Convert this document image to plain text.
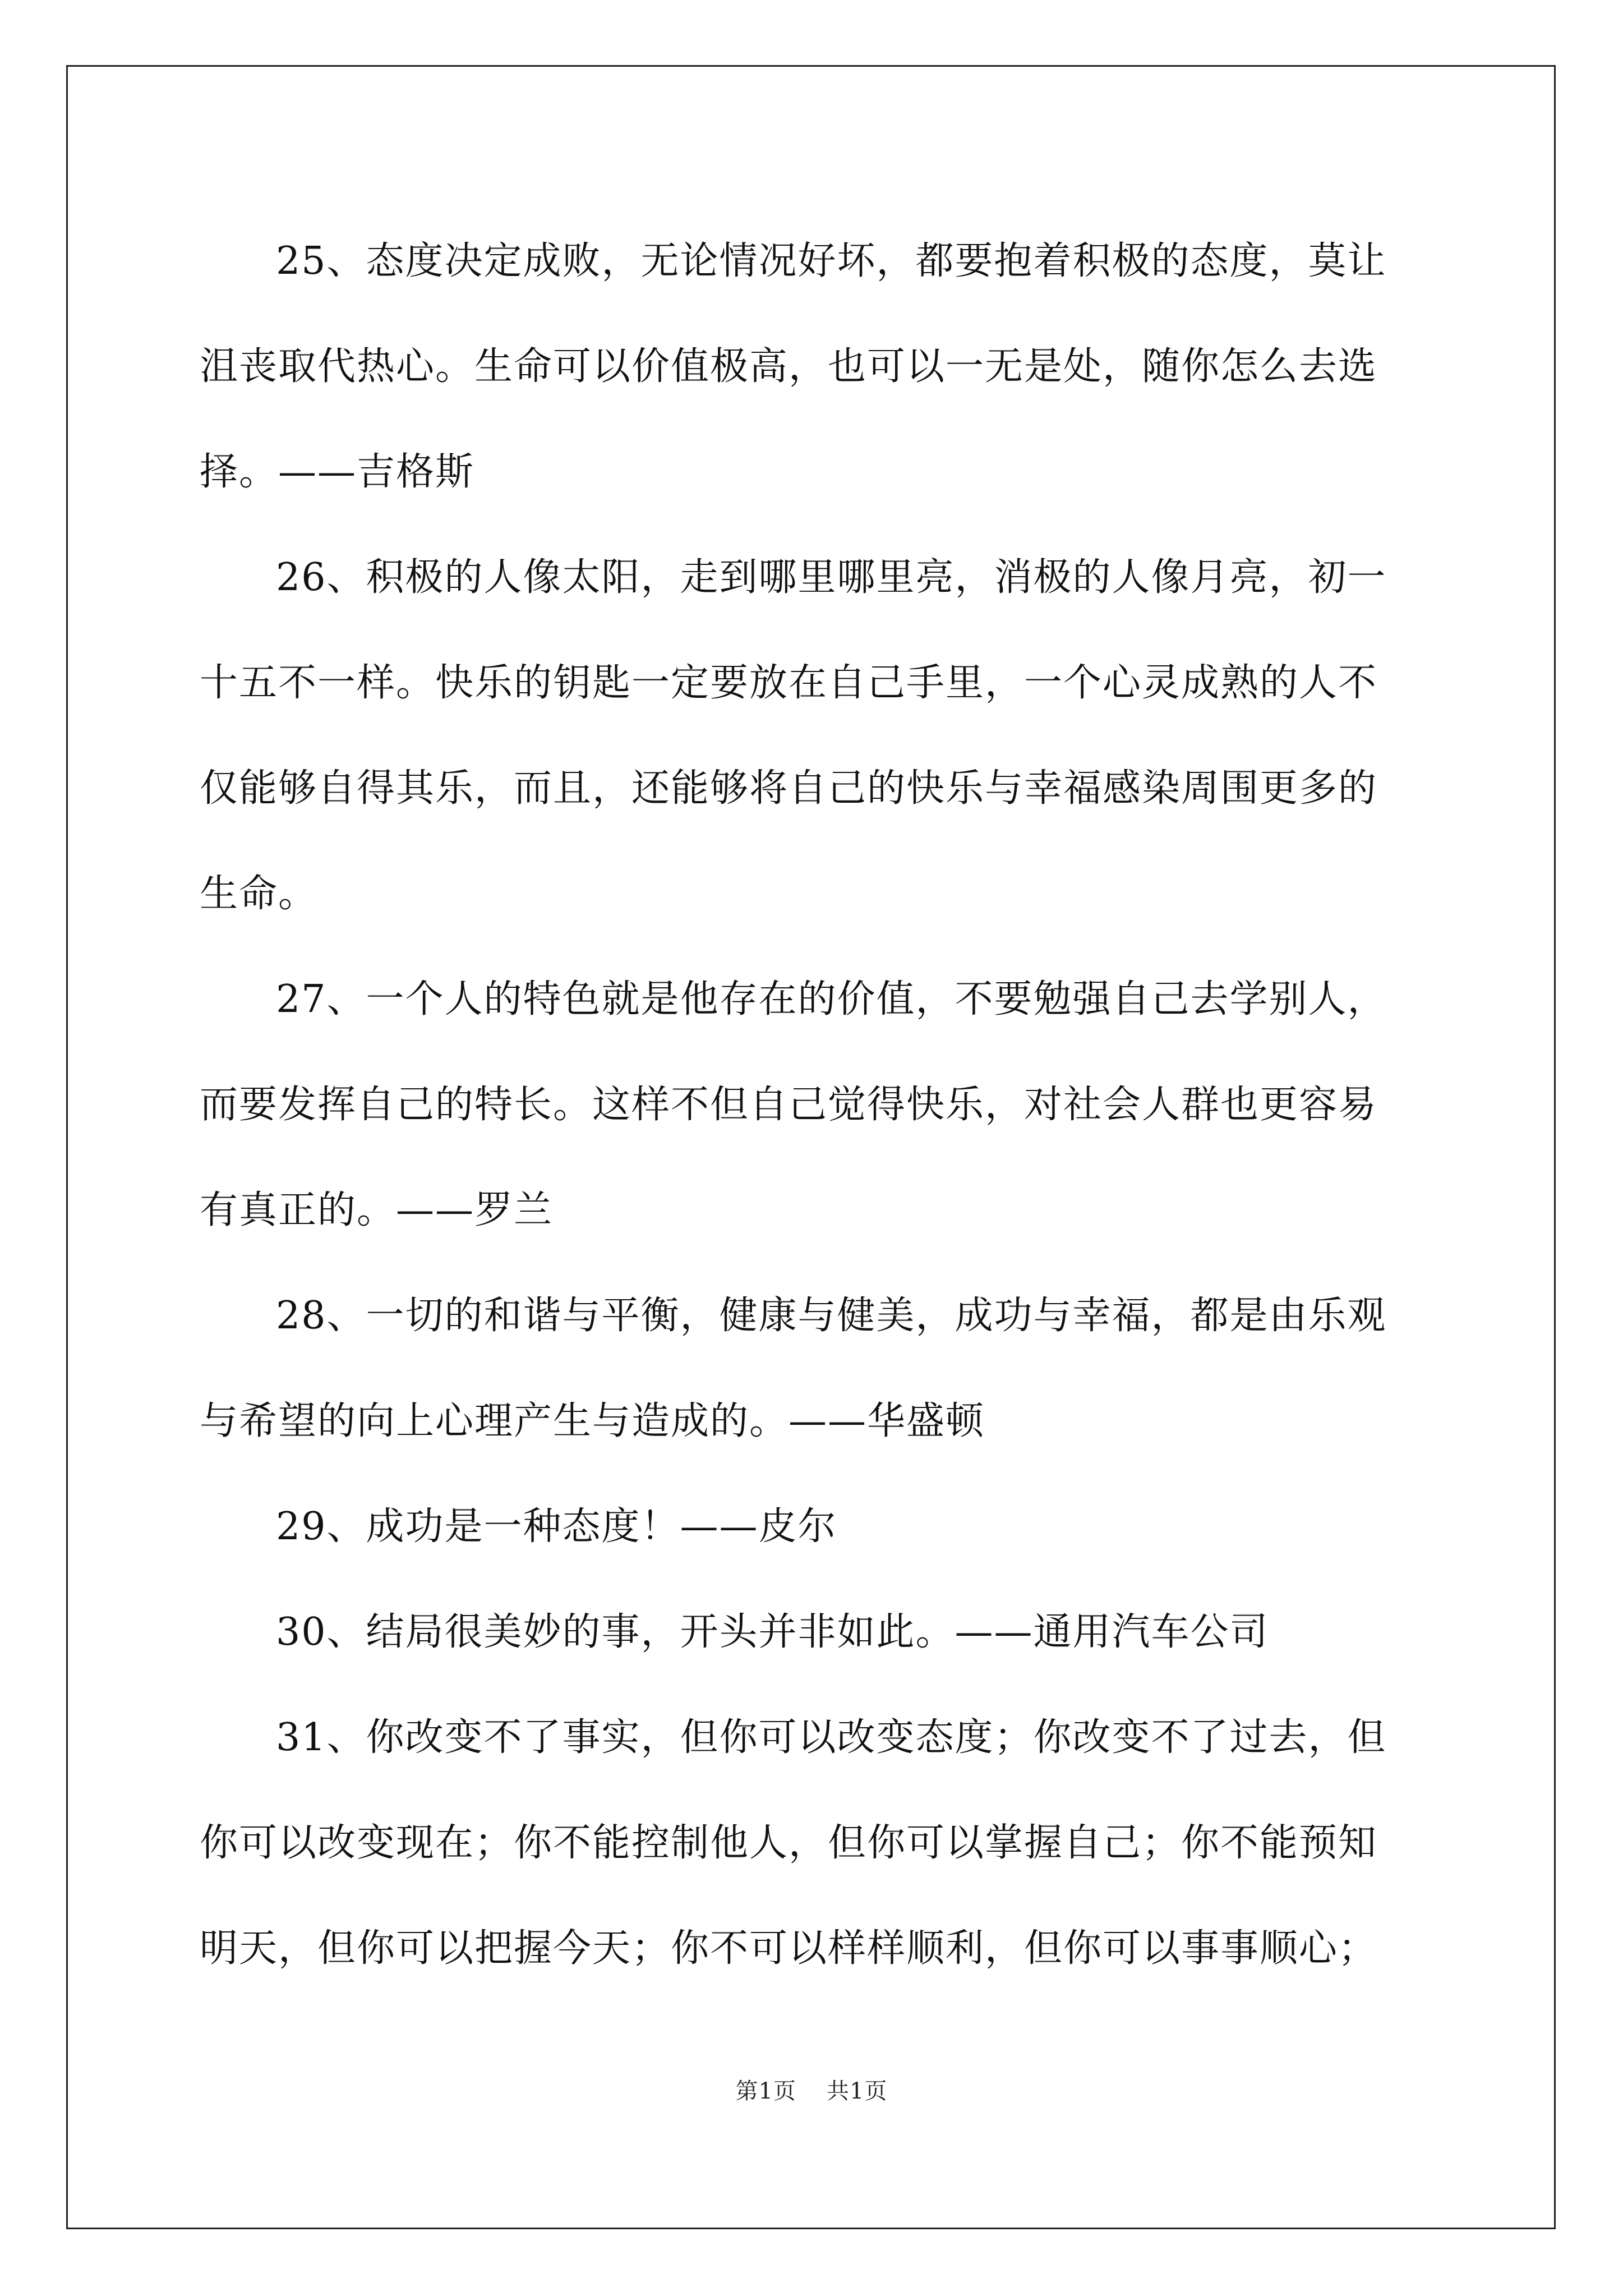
25、态度决定成败，无论情况好坏，都要抱着积极的态度，莫让
沮丧取代热心。生命可以价值极高，也可以一无是处，随你怎么去选
择。——吉格斯
26、积极的人像太阳，走到哪里哪里亮，消极的人像月亮，初一
十五不一样。快乐的钥匙一定要放在自己手里，一个心灵成熟的人不
仅能够自得其乐，而且，还能够将自己的快乐与幸福感染周围更多的
生命。
27、一个人的特色就是他存在的价值，不要勉强自己去学别人，
而要发挥自己的特长。这样不但自己觉得快乐，对社会人群也更容易
有真正的。——罗兰
28、一切的和谐与平衡，健康与健美，成功与幸福，都是由乐观
与希望的向上心理产生与造成的。——华盛顿
29、成功是一种态度！——皮尔
30、结局很美妙的事，开头并非如此。——通用汽车公司
31、你改变不了事实，但你可以改变态度；你改变不了过去，但
你可以改变现在；你不能控制他人，但你可以掌握自己；你不能预知
明天，但你可以把握今天；你不可以样样顺利，但你可以事事顺心；
第1页 共1页
